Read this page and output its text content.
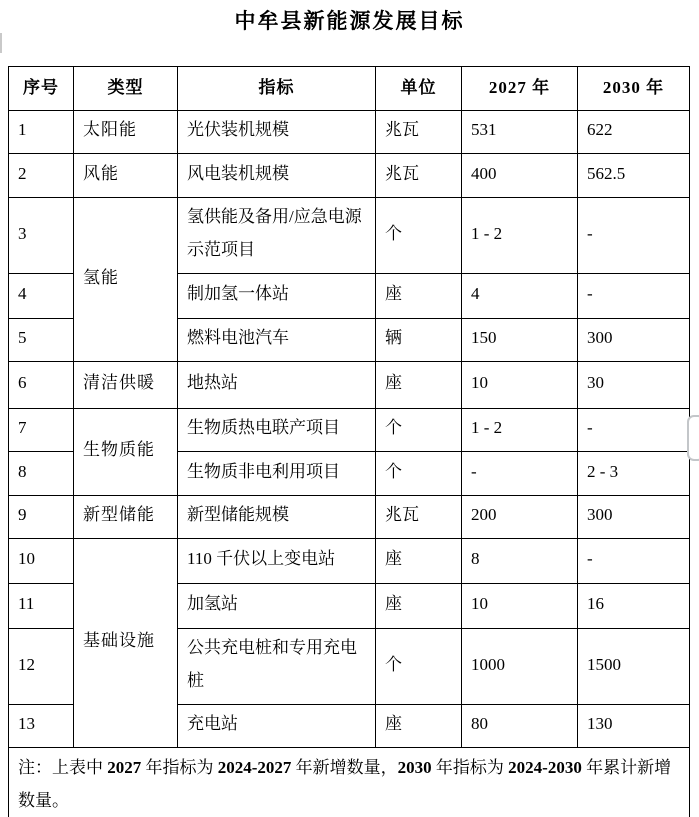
中牟县新能源发展目标
序号	类型	指标	单位	2027 年	2030 年
1	太阳能	光伏装机规模	兆瓦	531	622
2	风能	风电装机规模	兆瓦	400	562.5
3	氢能	氢供能及备用/应急电源示范项目	个	1 - 2	-
4		制加氢一体站	座	4	-
5		燃料电池汽车	辆	150	300
6	清洁供暖	地热站	座	10	30
7	生物质能	生物质热电联产项目	个	1 - 2	-
8		生物质非电利用项目	个	-	2 - 3
9	新型储能	新型储能规模	兆瓦	200	300
10	基础设施	110 千伏以上变电站	座	8	-
11		加氢站	座	10	16
12		公共充电桩和专用充电桩	个	1000	1500
13		充电站	座	80	130
注：上表中 2027 年指标为 2024-2027 年新增数量，2030 年指标为 2024-2030 年累计新增数量。					
